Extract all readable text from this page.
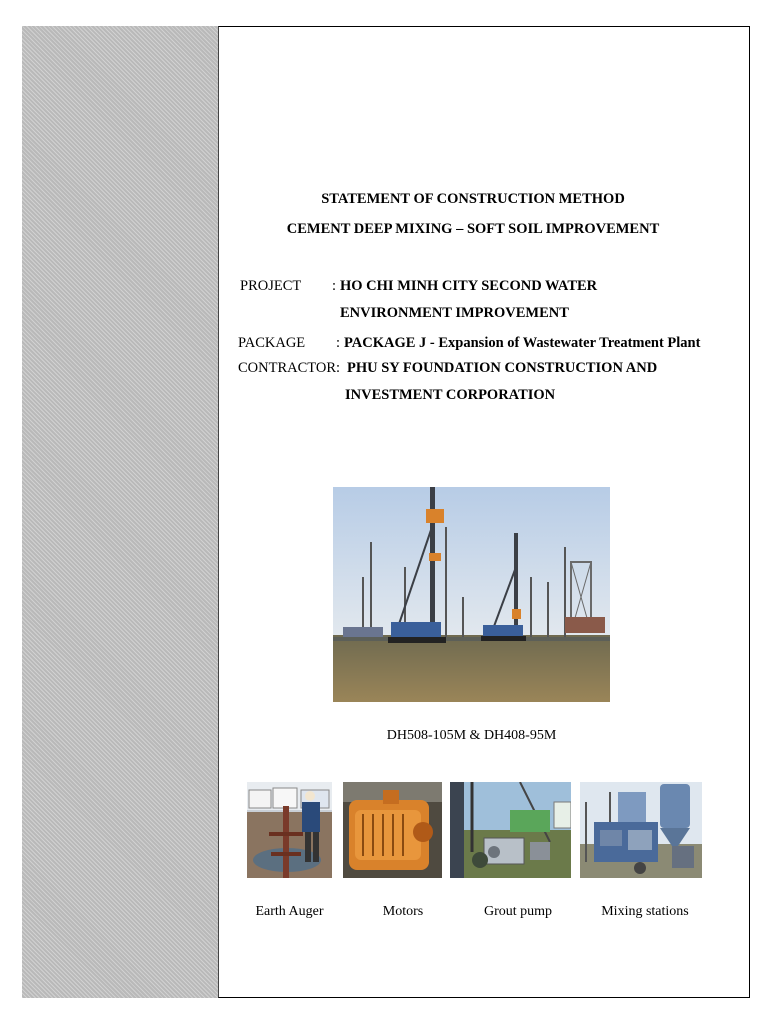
STATEMENT OF CONSTRUCTION METHOD
CEMENT DEEP MIXING – SOFT SOIL IMPROVEMENT
PROJECT : HO CHI MINH CITY SECOND WATER
ENVIRONMENT IMPROVEMENT
PACKAGE : PACKAGE J - Expansion of Wastewater Treatment Plant
CONTRACTOR: PHU SY FOUNDATION CONSTRUCTION AND
INVESTMENT CORPORATION
DH508-105M & DH408-95M
Earth Auger	Motors	Grout pump	Mixing stations
